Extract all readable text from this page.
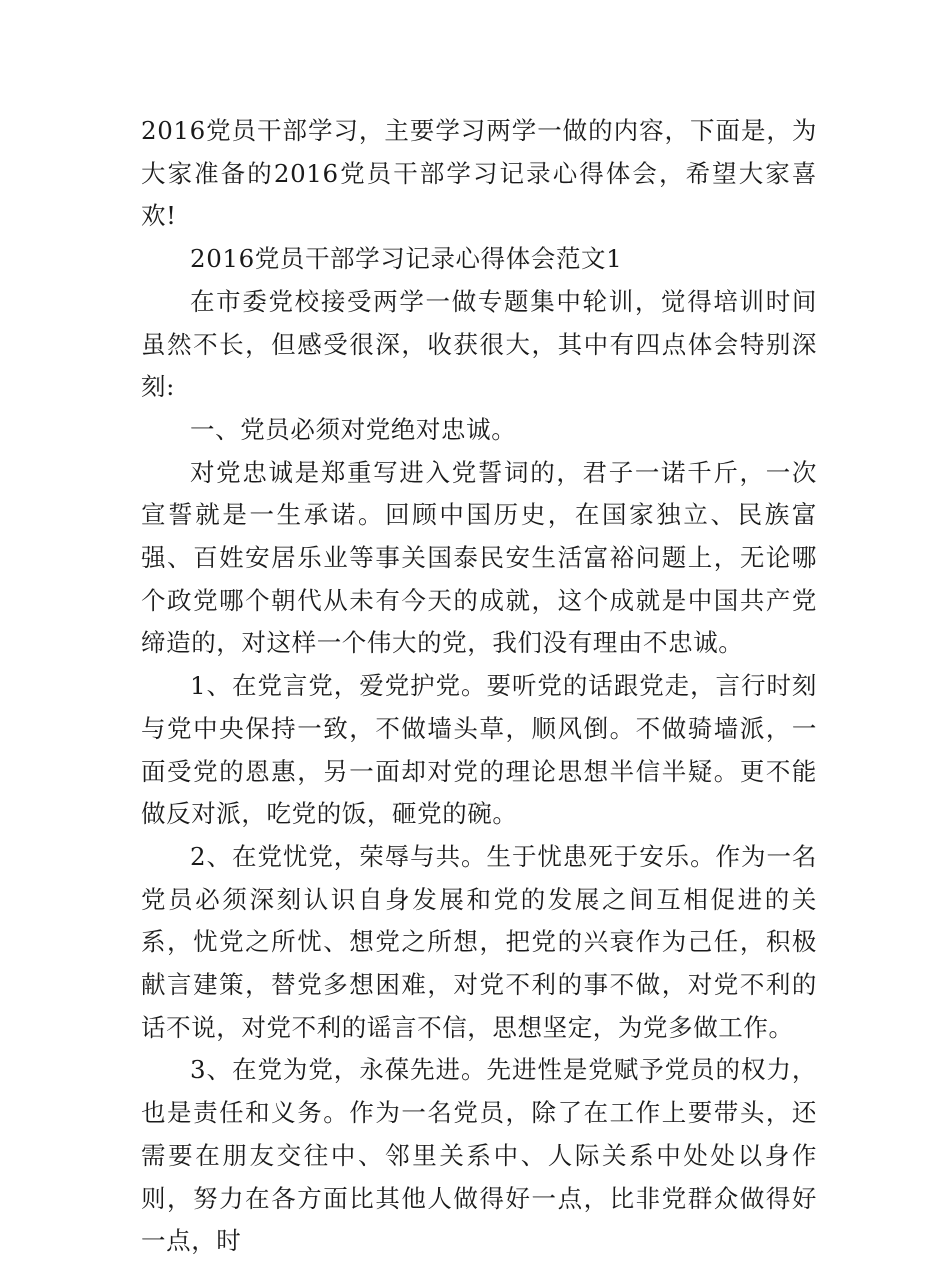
2016党员干部学习，主要学习两学一做的内容，下面是，为大家准备的2016党员干部学习记录心得体会，希望大家喜欢!

2016党员干部学习记录心得体会范文1

在市委党校接受两学一做专题集中轮训，觉得培训时间虽然不长，但感受很深，收获很大，其中有四点体会特别深刻:

一、党员必须对党绝对忠诚。

对党忠诚是郑重写进入党誓词的，君子一诺千斤，一次宣誓就是一生承诺。回顾中国历史，在国家独立、民族富强、百姓安居乐业等事关国泰民安生活富裕问题上，无论哪个政党哪个朝代从未有今天的成就，这个成就是中国共产党缔造的，对这样一个伟大的党，我们没有理由不忠诚。

1、在党言党，爱党护党。要听党的话跟党走，言行时刻与党中央保持一致，不做墙头草，顺风倒。不做骑墙派，一面受党的恩惠，另一面却对党的理论思想半信半疑。更不能做反对派，吃党的饭，砸党的碗。

2、在党忧党，荣辱与共。生于忧患死于安乐。作为一名党员必须深刻认识自身发展和党的发展之间互相促进的关系，忧党之所忧、想党之所想，把党的兴衰作为己任，积极献言建策，替党多想困难，对党不利的事不做，对党不利的话不说，对党不利的谣言不信，思想坚定，为党多做工作。

3、在党为党，永葆先进。先进性是党赋予党员的权力，也是责任和义务。作为一名党员，除了在工作上要带头，还需要在朋友交往中、邻里关系中、人际关系中处处以身作则，努力在各方面比其他人做得好一点，比非党群众做得好一点，时
